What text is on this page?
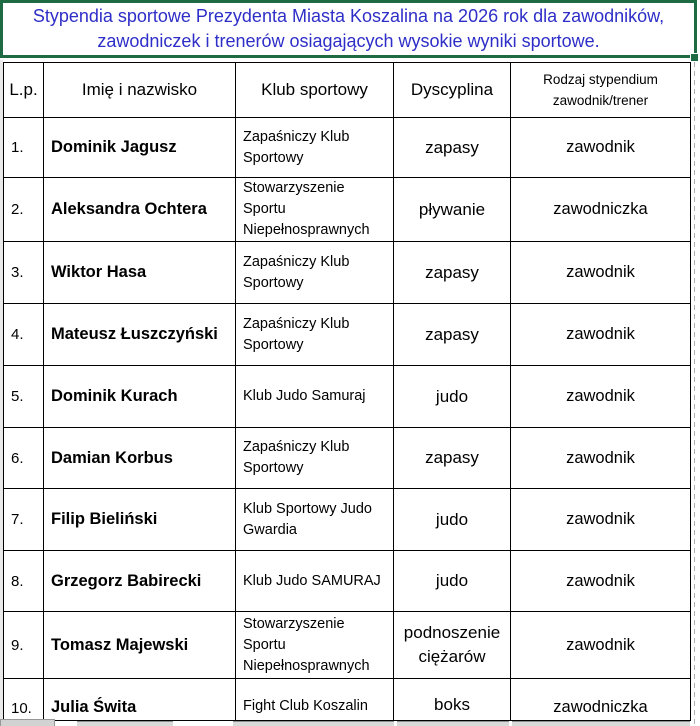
Stypendia sportowe Prezydenta Miasta Koszalina na 2026 rok dla zawodników, zawodniczek i trenerów osiagających wysokie wyniki sportowe.
L.p.	Imię i nazwisko	Klub sportowy	Dyscyplina	Rodzaj stypendium zawodnik/trener
1.	Dominik Jagusz	Zapaśniczy Klub Sportowy	zapasy	zawodnik
2.	Aleksandra Ochtera	Stowarzyszenie Sportu Niepełnosprawnych	pływanie	zawodniczka
3.	Wiktor Hasa	Zapaśniczy Klub Sportowy	zapasy	zawodnik
4.	Mateusz Łuszczyński	Zapaśniczy Klub Sportowy	zapasy	zawodnik
5.	Dominik Kurach	Klub Judo Samuraj	judo	zawodnik
6.	Damian Korbus	Zapaśniczy Klub Sportowy	zapasy	zawodnik
7.	Filip Bieliński	Klub Sportowy Judo Gwardia	judo	zawodnik
8.	Grzegorz Babirecki	Klub Judo SAMURAJ	judo	zawodnik
9.	Tomasz Majewski	Stowarzyszenie Sportu Niepełnosprawnych	podnoszenie ciężarów	zawodnik
10.	Julia Świta	Fight Club Koszalin	boks	zawodniczka
